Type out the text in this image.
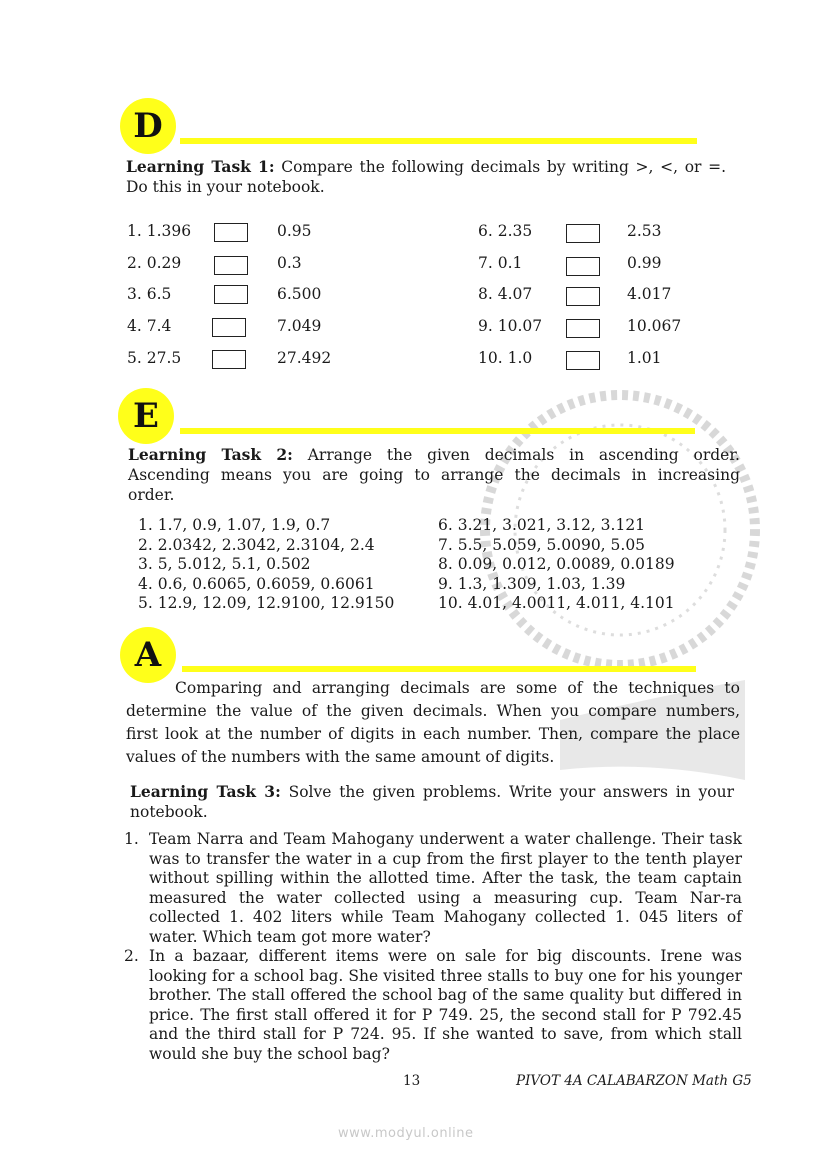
D
Learning Task 1: Compare the following decimals by writing >, <, or =.
Do this in your notebook.
1. 1.396	0.95
2. 0.29	0.3
3. 6.5	6.500
4. 7.4	7.049
5. 27.5	27.492
6. 2.35	2.53
7. 0.1	0.99
8. 4.07	4.017
9. 10.07	10.067
10. 1.0	1.01
E
Learning Task 2: Arrange the given decimals in ascending order.
Ascending means you are going to arrange the decimals in increasing
order.
1. 1.7, 0.9, 1.07, 1.9, 0.7
2. 2.0342, 2.3042, 2.3104, 2.4
3. 5, 5.012, 5.1, 0.502
4. 0.6, 0.6065, 0.6059, 0.6061
5. 12.9, 12.09, 12.9100, 12.9150
6. 3.21, 3.021, 3.12, 3.121
7. 5.5, 5.059, 5.0090, 5.05
8. 0.09, 0.012, 0.0089, 0.0189
9. 1.3, 1.309, 1.03, 1.39
10. 4.01, 4.0011, 4.011, 4.101
A
Comparing and arranging decimals are some of the techniques to
determine the value of the given decimals. When you compare numbers,
first look at the number of digits in each number. Then, compare the place
values of the numbers with the same amount of digits.
Learning Task 3: Solve the given problems. Write your answers in your
notebook.
1. Team Narra and Team Mahogany underwent a water challenge. Their task was to transfer the water in a cup from the first player to the tenth player without spilling within the allotted time. After the task, the team captain measured the water collected using a measuring cup. Team Nar-ra collected 1. 402 liters while Team Mahogany collected 1. 045 liters of water. Which team got more water?
2. In a bazaar, different items were on sale for big discounts. Irene was looking for a school bag. She visited three stalls to buy one for his younger brother. The stall offered the school bag of the same quality but differed in price. The first stall offered it for P 749. 25, the second stall for P 792.45 and the third stall for P 724. 95. If she wanted to save, from which stall would she buy the school bag?
13	PIVOT 4A CALABARZON Math G5
www.modyul.online
